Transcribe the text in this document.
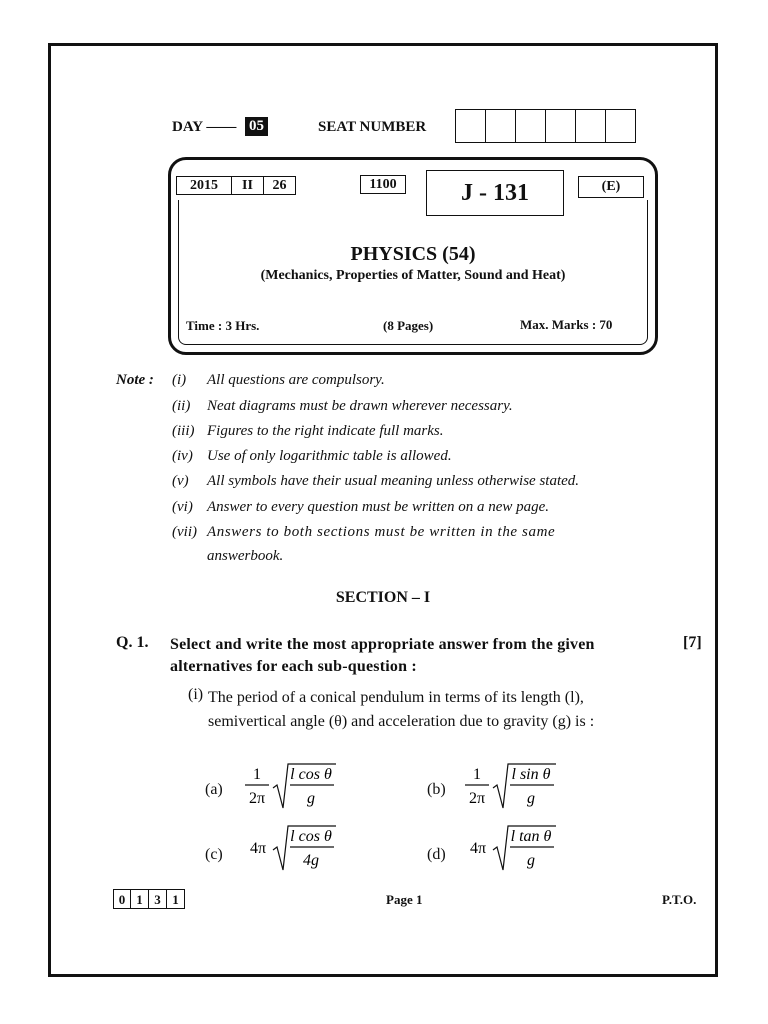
DAY —— 05	SEAT NUMBER
2015	II	26	1100	J - 131	(E)
PHYSICS (54)
(Mechanics, Properties of Matter, Sound and Heat)
Time : 3 Hrs.	(8 Pages)	Max. Marks : 70
Note : (i) All questions are compulsory.
(ii) Neat diagrams must be drawn wherever necessary.
(iii) Figures to the right indicate full marks.
(iv) Use of only logarithmic table is allowed.
(v) All symbols have their usual meaning unless otherwise stated.
(vi) Answer to every question must be written on a new page.
(vii) Answers to both sections must be written in the same
answerbook.
SECTION – I
Q. 1. Select and write the most appropriate answer from the given alternatives for each sub-question :
[7]
(i) The period of a conical pendulum in terms of its length (l), semivertical angle (θ) and acceleration due to gravity (g) is :
(a)
1
2π
l cos θ
g
(b)
1
2π
l sin θ
g
(c) 4π
l cos θ
4g	(d) 4π
l tan θ
g
0 1 3 1	Page 1	P.T.O.
